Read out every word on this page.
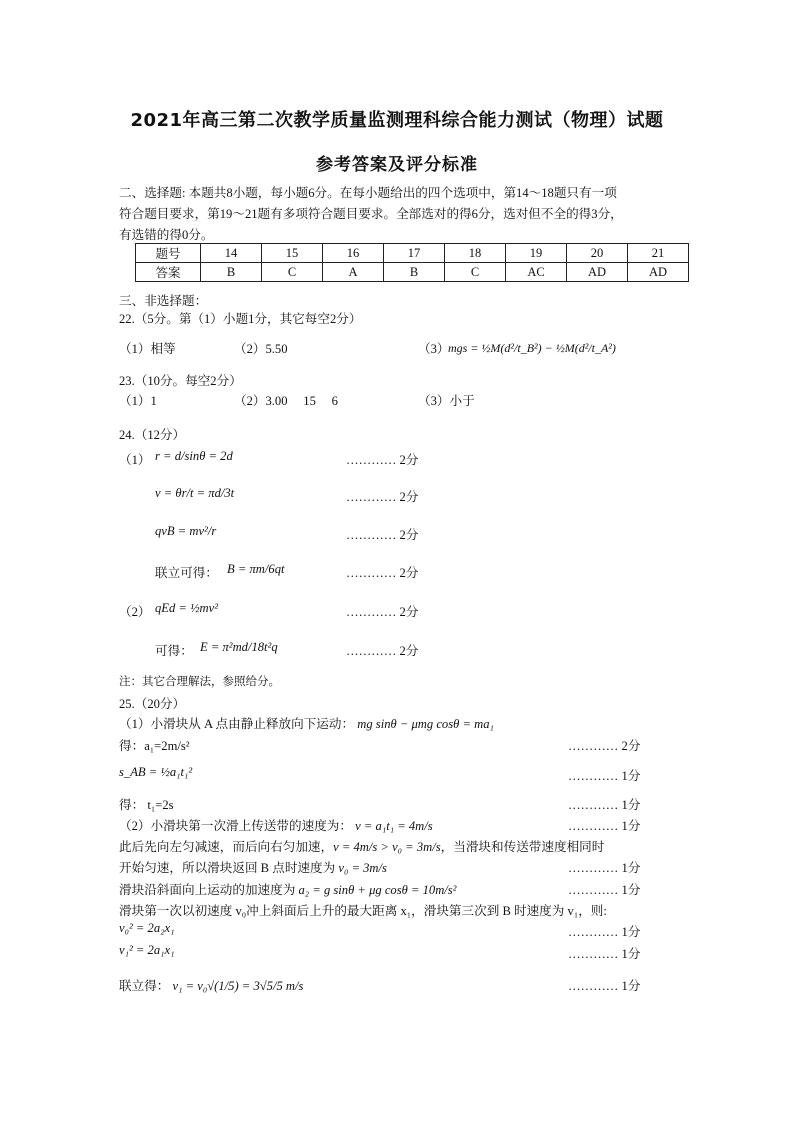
2021年高三第二次教学质量监测理科综合能力测试（物理）试题
参考答案及评分标准
二、选择题: 本题共8小题，每小题6分。在每小题给出的四个选项中，第14～18题只有一项
符合题目要求，第19～21题有多项符合题目要求。全部选对的得6分，选对但不全的得3分，
有选错的得0分。
题号	14	15	16	17	18	19	20	21
答案	B	C	A	B	C	AC	AD	AD
三、非选择题：
22.（5分。第（1）小题1分，其它每空2分）
（1）相等	（2）5.50	（3）
mgs = ½M(d²/t_B²) − ½M(d²/t_A²)
23.（10分。每空2分）
（1）1	（2）3.00　 15　 6	（3）小于
24.（12分）
（1） r = d/sinθ = 2d	………… 2分
v = θr/t = πd/3t	………… 2分
qvB = mv²/r	………… 2分
联立可得： B = πm/6qt	………… 2分
（2） qEd = ½mv²	………… 2分
可得： E = π²md/18t²q	………… 2分
注：其它合理解法，参照给分。
25.（20分）
（1）小滑块从 A 点由静止释放向下运动： mg sinθ − μmg cosθ = ma₁
得：a₁=2m/s²	………… 2分
s_AB = ½a₁t₁²	………… 1分
得： t₁=2s	………… 1分
（2）小滑块第一次滑上传送带的速度为： v = a₁t₁ = 4m/s	………… 1分
此后先向左匀减速，而后向右匀加速，v = 4m/s > v₀ = 3m/s，当滑块和传送带速度相同时
开始匀速，所以滑块返回 B 点时速度为 v₀ = 3m/s	………… 1分
滑块沿斜面向上运动的加速度为 a₂ = g sinθ + μg cosθ = 10m/s²	………… 1分
滑块第一次以初速度 v₀冲上斜面后上升的最大距离 x₁，滑块第三次到 B 时速度为 v₁，则:
v₀² = 2a₂x₁	………… 1分
v₁² = 2a₁x₁	………… 1分
联立得： v₁ = v₀√(1/5) = 3√5/5 m/s	………… 1分
